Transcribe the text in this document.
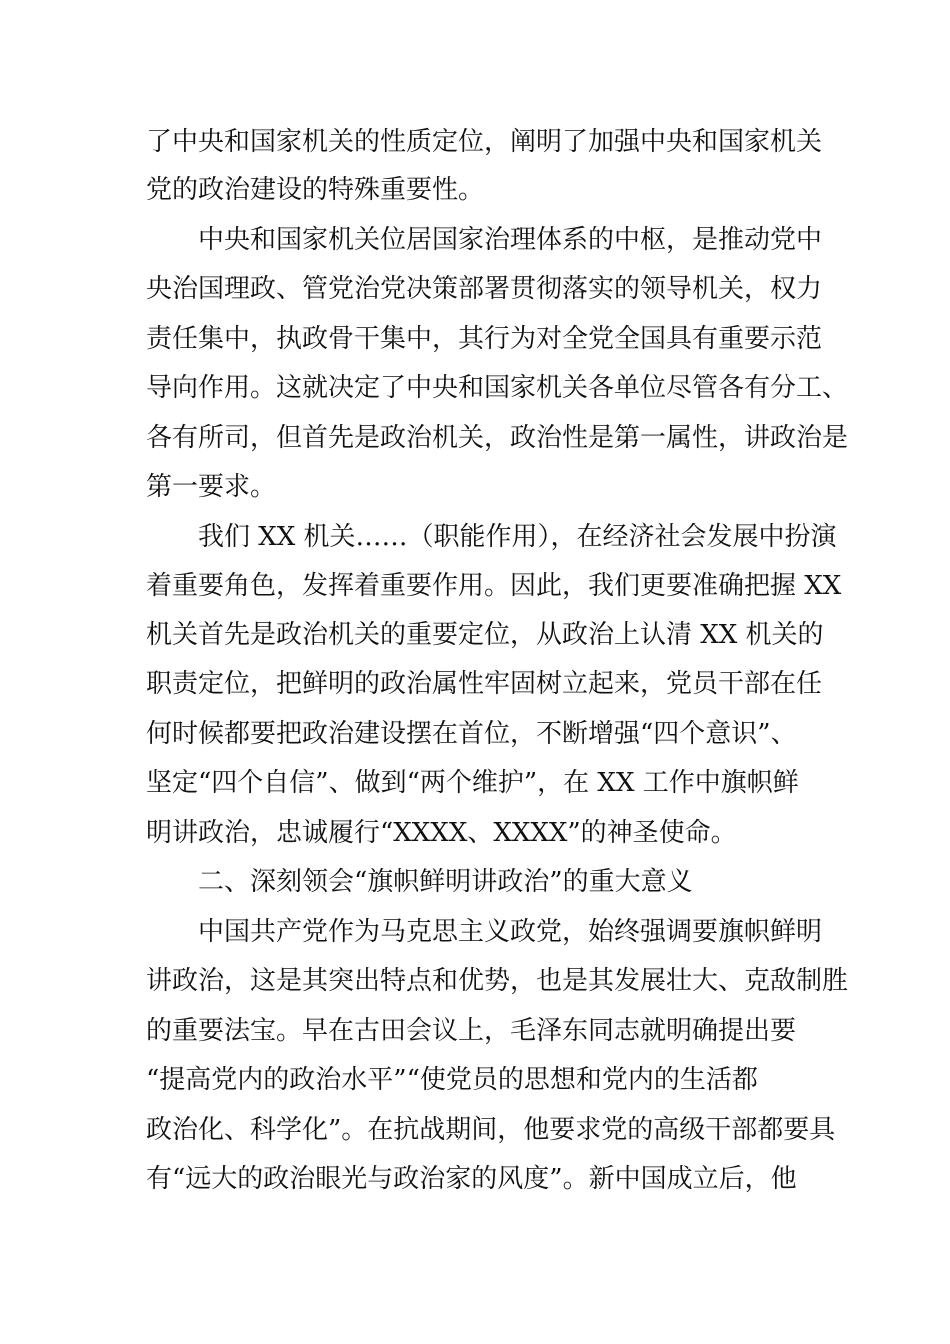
了中央和国家机关的性质定位，阐明了加强中央和国家机关
党的政治建设的特殊重要性。
中央和国家机关位居国家治理体系的中枢，是推动党中
央治国理政、管党治党决策部署贯彻落实的领导机关，权力
责任集中，执政骨干集中，其行为对全党全国具有重要示范
导向作用。这就决定了中央和国家机关各单位尽管各有分工、
各有所司，但首先是政治机关，政治性是第一属性，讲政治是
第一要求。
我们 XX 机关……（职能作用），在经济社会发展中扮演
着重要角色，发挥着重要作用。因此，我们更要准确把握 XX
机关首先是政治机关的重要定位，从政治上认清 XX 机关的
职责定位，把鲜明的政治属性牢固树立起来，党员干部在任
何时候都要把政治建设摆在首位，不断增强“四个意识”、
坚定“四个自信”、做到“两个维护”，在 XX 工作中旗帜鲜
明讲政治，忠诚履行“XXXX、XXXX”的神圣使命。
二、深刻领会“旗帜鲜明讲政治”的重大意义
中国共产党作为马克思主义政党，始终强调要旗帜鲜明
讲政治，这是其突出特点和优势，也是其发展壮大、克敌制胜
的重要法宝。早在古田会议上，毛泽东同志就明确提出要
“提高党内的政治水平”“使党员的思想和党内的生活都
政治化、科学化”。在抗战期间，他要求党的高级干部都要具
有“远大的政治眼光与政治家的风度”。新中国成立后，他
